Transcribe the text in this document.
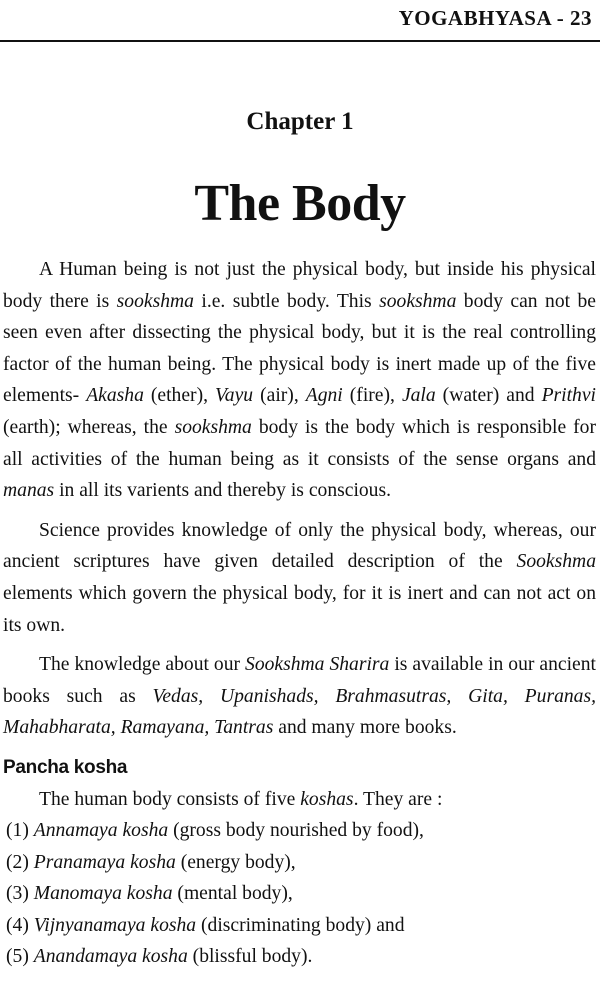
YOGABHYASA - 23
Chapter 1
The Body

A Human being is not just the physical body, but inside his physical body there is sookshma i.e. subtle body. This sookshma body can not be seen even after dissecting the physical body, but it is the real controlling factor of the human being. The physical body is inert made up of the five elements- Akasha (ether), Vayu (air), Agni (fire), Jala (water) and Prithvi (earth); whereas, the sookshma body is the body which is responsible for all activities of the human being as it consists of the sense organs and manas in all its varients and thereby is conscious.

Science provides knowledge of only the physical body, whereas, our ancient scriptures have given detailed description of the Sookshma elements which govern the physical body, for it is inert and can not act on its own.

The knowledge about our Sookshma Sharira is available in our ancient books such as Vedas, Upanishads, Brahmasutras, Gita, Puranas, Mahabharata, Ramayana, Tantras and many more books.

Pancha kosha
The human body consists of five koshas. They are :
(1) Annamaya kosha (gross body nourished by food),
(2) Pranamaya kosha (energy body),
(3) Manomaya kosha (mental body),
(4) Vijnyanamaya kosha (discriminating body) and
(5) Anandamaya kosha (blissful body).
